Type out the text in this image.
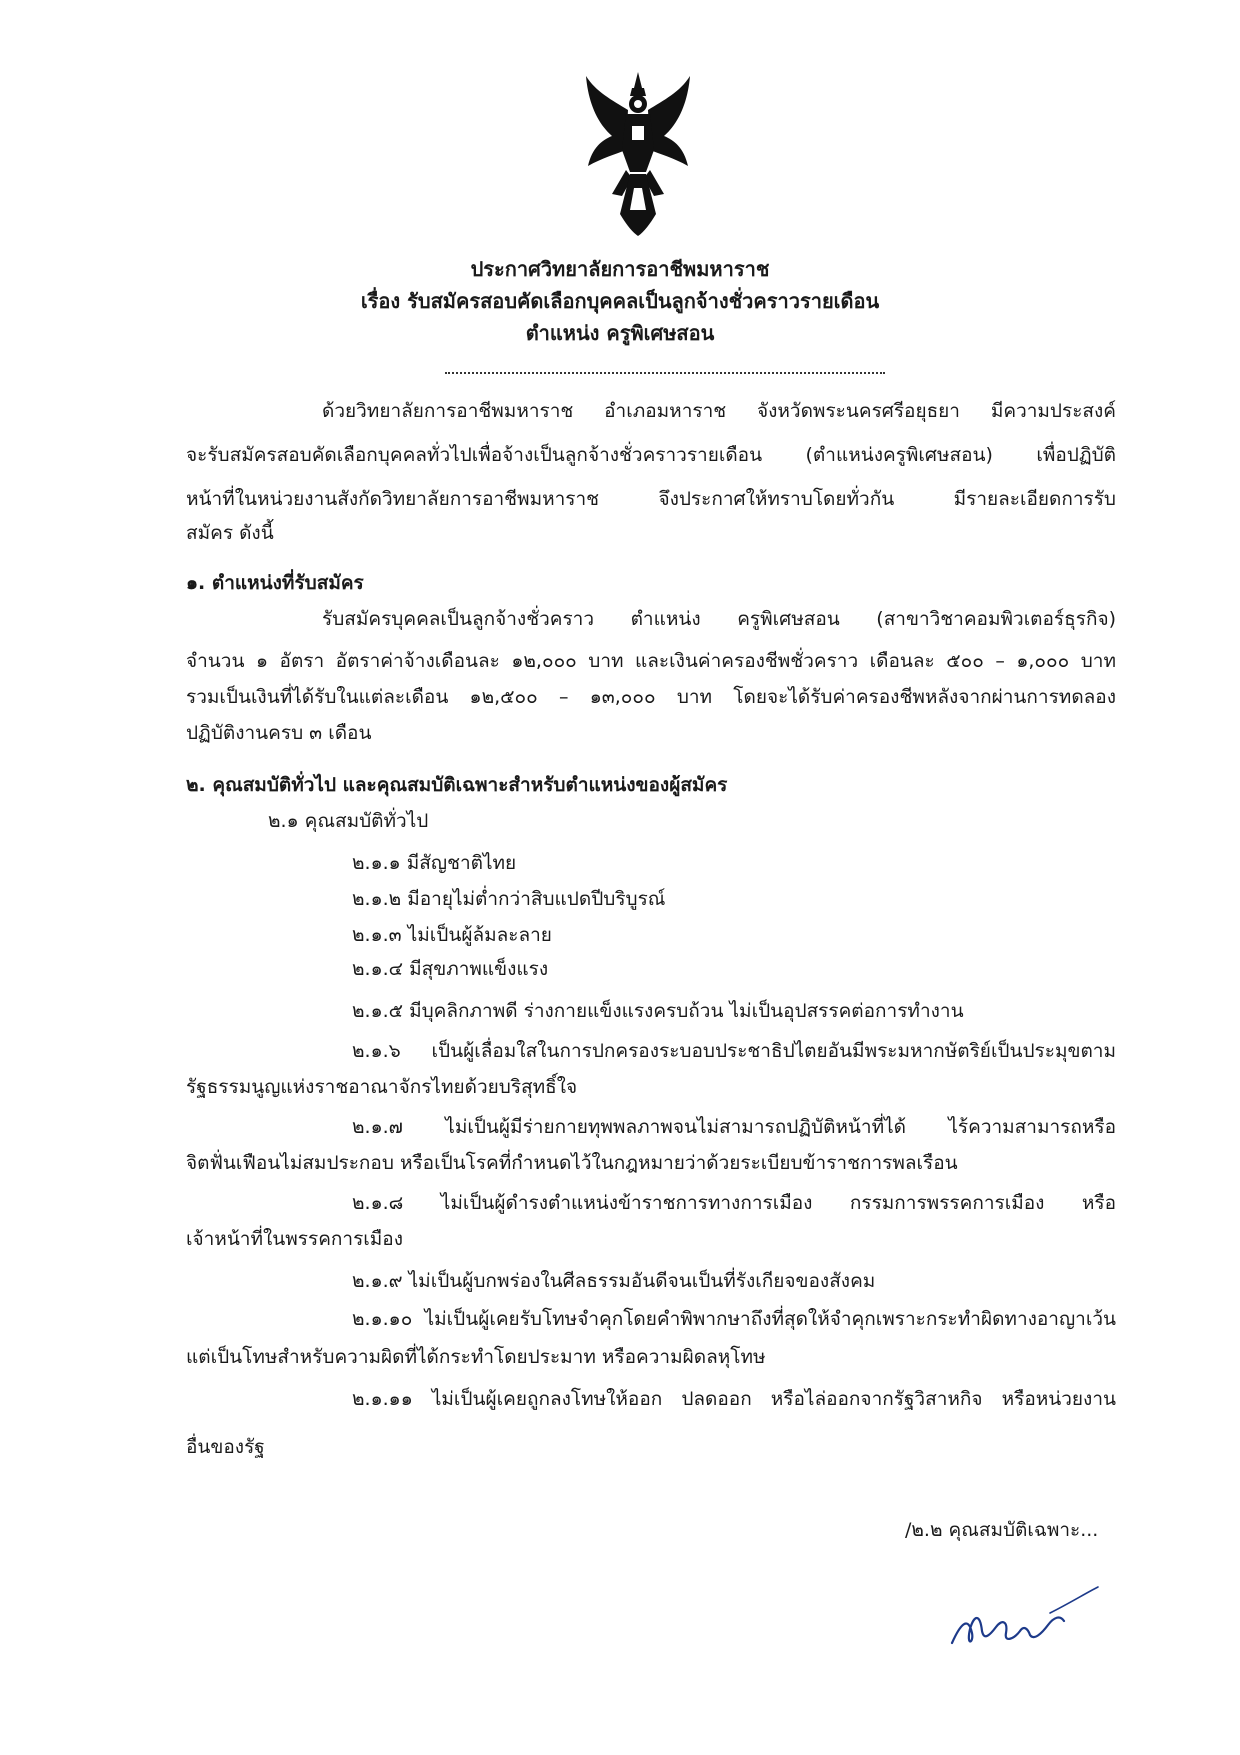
ประกาศวิทยาลัยการอาชีพมหาราช
เรื่อง รับสมัครสอบคัดเลือกบุคคลเป็นลูกจ้างชั่วคราวรายเดือน
ตำแหน่ง ครูพิเศษสอน
ด้วยวิทยาลัยการอาชีพมหาราช อำเภอมหาราช จังหวัดพระนครศรีอยุธยา มีความประสงค์
จะรับสมัครสอบคัดเลือกบุคคลทั่วไปเพื่อจ้างเป็นลูกจ้างชั่วคราวรายเดือน (ตำแหน่งครูพิเศษสอน) เพื่อปฏิบัติ
หน้าที่ในหน่วยงานสังกัดวิทยาลัยการอาชีพมหาราช จึงประกาศให้ทราบโดยทั่วกัน มีรายละเอียดการรับ
สมัคร ดังนี้
๑. ตำแหน่งที่รับสมัคร
รับสมัครบุคคลเป็นลูกจ้างชั่วคราว ตำแหน่ง ครูพิเศษสอน (สาขาวิชาคอมพิวเตอร์ธุรกิจ)
จำนวน ๑ อัตรา อัตราค่าจ้างเดือนละ ๑๒,๐๐๐ บาท และเงินค่าครองชีพชั่วคราว เดือนละ ๕๐๐ – ๑,๐๐๐ บาท
รวมเป็นเงินที่ได้รับในแต่ละเดือน ๑๒,๕๐๐ – ๑๓,๐๐๐ บาท โดยจะได้รับค่าครองชีพหลังจากผ่านการทดลอง
ปฏิบัติงานครบ ๓ เดือน
๒. คุณสมบัติทั่วไป และคุณสมบัติเฉพาะสำหรับตำแหน่งของผู้สมัคร
๒.๑ คุณสมบัติทั่วไป
๒.๑.๑ มีสัญชาติไทย
๒.๑.๒ มีอายุไม่ต่ำกว่าสิบแปดปีบริบูรณ์
๒.๑.๓ ไม่เป็นผู้ล้มละลาย
๒.๑.๔ มีสุขภาพแข็งแรง
๒.๑.๕ มีบุคลิกภาพดี ร่างกายแข็งแรงครบถ้วน ไม่เป็นอุปสรรคต่อการทำงาน
๒.๑.๖ เป็นผู้เลื่อมใสในการปกครองระบอบประชาธิปไตยอันมีพระมหากษัตริย์เป็นประมุขตาม
รัฐธรรมนูญแห่งราชอาณาจักรไทยด้วยบริสุทธิ์ใจ
๒.๑.๗ ไม่เป็นผู้มีร่ายกายทุพพลภาพจนไม่สามารถปฏิบัติหน้าที่ได้ ไร้ความสามารถหรือ
จิตฟั่นเฟือนไม่สมประกอบ หรือเป็นโรคที่กำหนดไว้ในกฎหมายว่าด้วยระเบียบข้าราชการพลเรือน
๒.๑.๘ ไม่เป็นผู้ดำรงตำแหน่งข้าราชการทางการเมือง กรรมการพรรคการเมือง หรือ
เจ้าหน้าที่ในพรรคการเมือง
๒.๑.๙ ไม่เป็นผู้บกพร่องในศีลธรรมอันดีจนเป็นที่รังเกียจของสังคม
๒.๑.๑๐ ไม่เป็นผู้เคยรับโทษจำคุกโดยคำพิพากษาถึงที่สุดให้จำคุกเพราะกระทำผิดทางอาญาเว้น
แต่เป็นโทษสำหรับความผิดที่ได้กระทำโดยประมาท หรือความผิดลหุโทษ
๒.๑.๑๑ ไม่เป็นผู้เคยถูกลงโทษให้ออก ปลดออก หรือไล่ออกจากรัฐวิสาหกิจ หรือหน่วยงาน
อื่นของรัฐ
/๒.๒ คุณสมบัติเฉพาะ...
